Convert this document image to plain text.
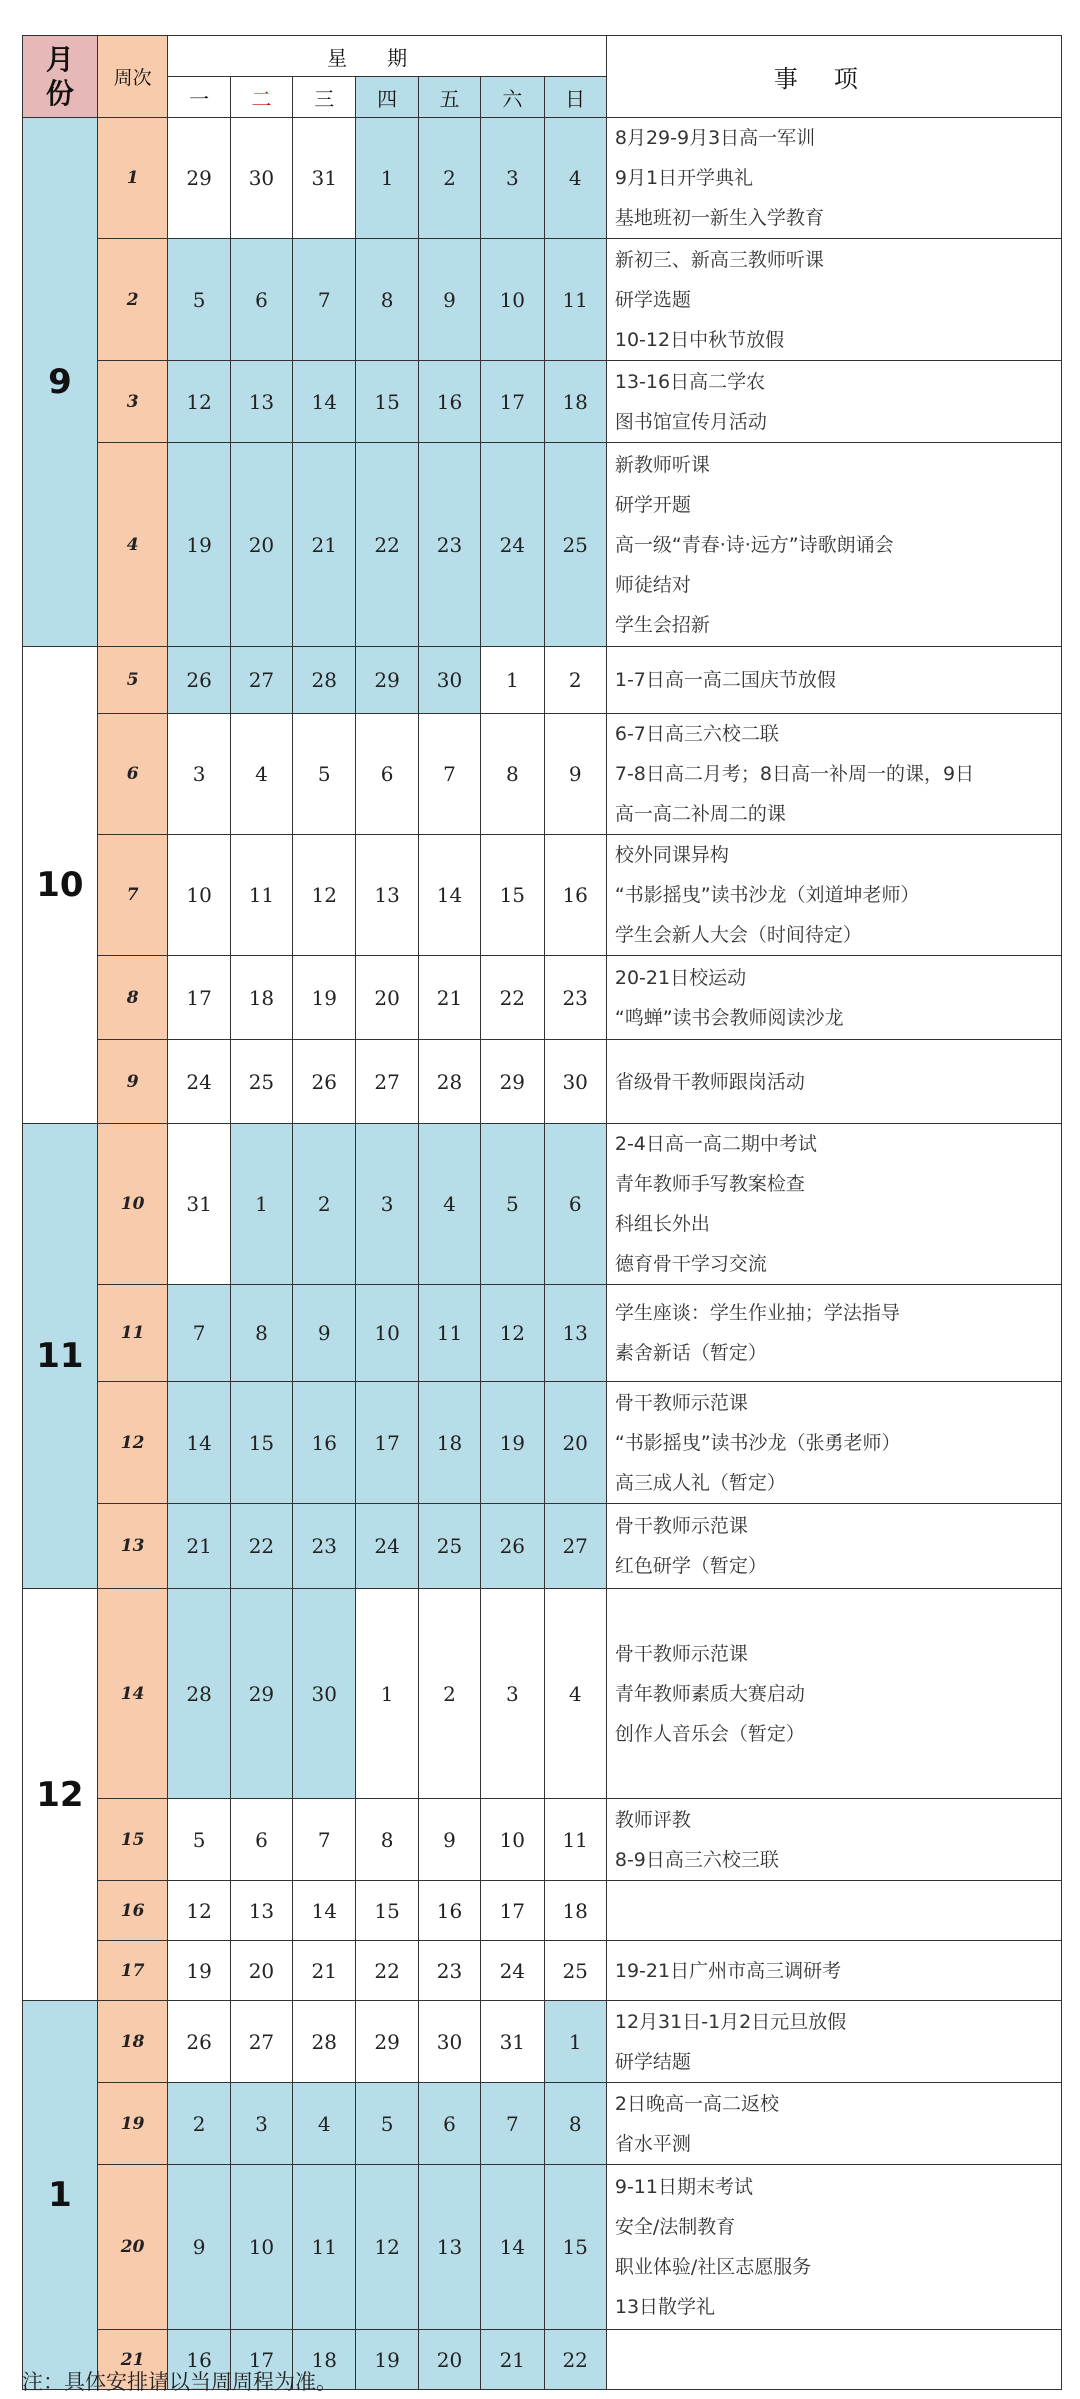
月份	周次	星期							事项
		一	二	三	四	五	六	日	
9	1	29	30	31	1	2	3	4	8月29-9月3日高一军训
9月1日开学典礼
基地班初一新生入学教育

	2	5	6	7	8	9	10	11	新初三、新高三教师听课
研学选题
10-12日中秋节放假

	3	12	13	14	15	16	17	18	13-16日高二学农
图书馆宣传月活动

	4	19	20	21	22	23	24	25	新教师听课
研学开题
高一级“青春·诗·远方”诗歌朗诵会
师徒结对
学生会招新

10	5	26	27	28	29	30	1	2	1-7日高一高二国庆节放假

	6	3	4	5	6	7	8	9	6-7日高三六校二联
7-8日高二月考；8日高一补周一的课，9日
高一高二补周二的课

	7	10	11	12	13	14	15	16	校外同课异构
“书影摇曳”读书沙龙（刘道坤老师）
学生会新人大会（时间待定）

	8	17	18	19	20	21	22	23	20-21日校运动
“鸣蝉”读书会教师阅读沙龙

	9	24	25	26	27	28	29	30	省级骨干教师跟岗活动

11	10	31	1	2	3	4	5	6	2-4日高一高二期中考试
青年教师手写教案检查
科组长外出
德育骨干学习交流

	11	7	8	9	10	11	12	13	学生座谈：学生作业抽；学法指导
素舍新话（暂定）

	12	14	15	16	17	18	19	20	骨干教师示范课
“书影摇曳”读书沙龙（张勇老师）
高三成人礼（暂定）

	13	21	22	23	24	25	26	27	骨干教师示范课
红色研学（暂定）

12	14	28	29	30	1	2	3	4	骨干教师示范课
青年教师素质大赛启动
创作人音乐会（暂定）

	15	5	6	7	8	9	10	11	教师评教
8-9日高三六校三联

	16	12	13	14	15	16	17	18	
	17	19	20	21	22	23	24	25	19-21日广州市高三调研考

1	18	26	27	28	29	30	31	1	12月31日-1月2日元旦放假
研学结题

	19	2	3	4	5	6	7	8	2日晚高一高二返校
省水平测

	20	9	10	11	12	13	14	15	9-11日期末考试
安全/法制教育
职业体验/社区志愿服务
13日散学礼

	21	16	17	18	19	20	21	22	
注：具体安排请以当周周程为准。
